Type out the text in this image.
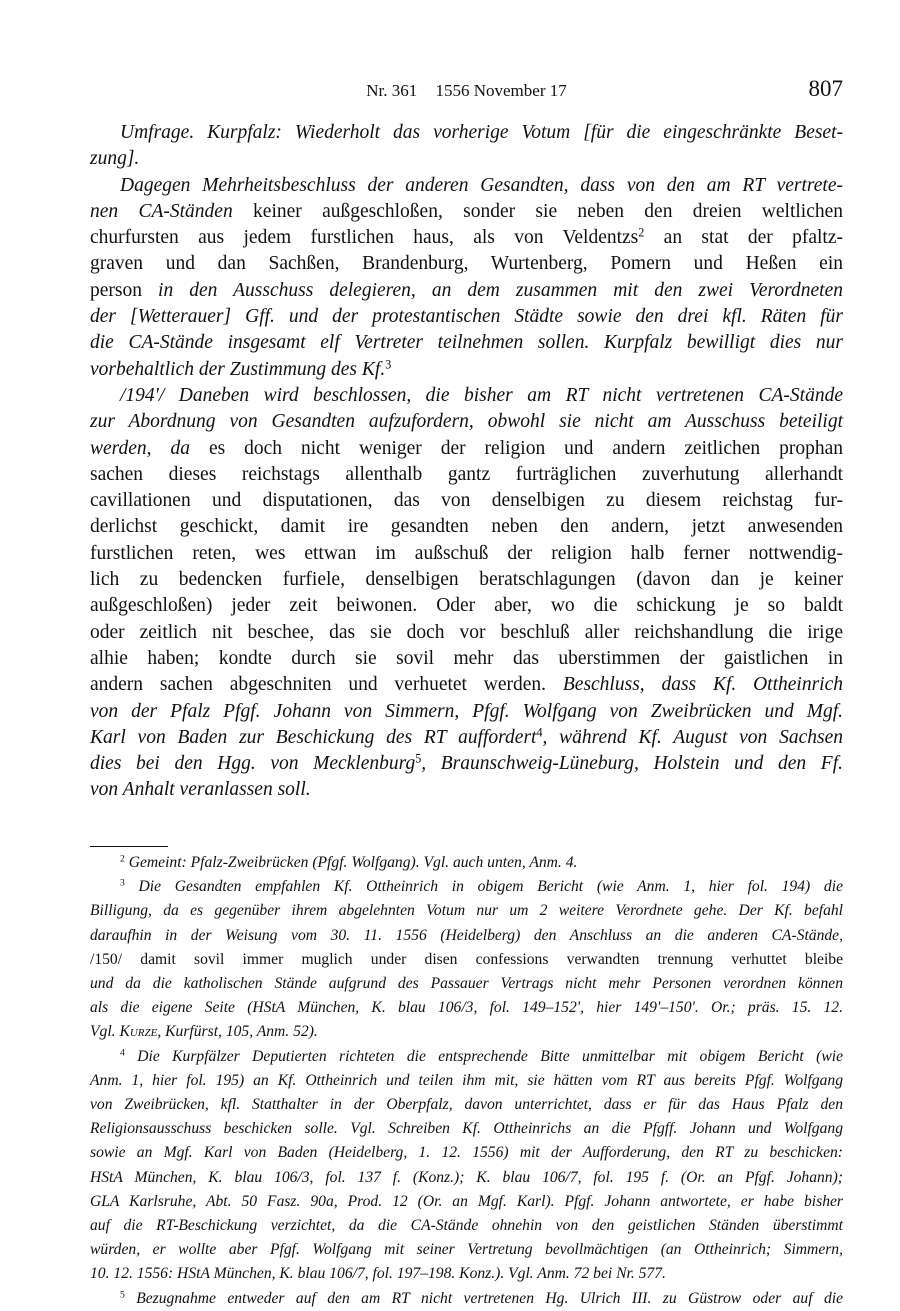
Nr. 361 1556 November 17	807
Umfrage. Kurpfalz: Wiederholt das vorherige Votum [für die eingeschränkte Beset-
zung].
Dagegen Mehrheitsbeschluss der anderen Gesandten, dass von den am RT vertrete-
nen CA-Ständen keiner außgeschloßen, sonder sie neben den dreien weltlichen
churfursten aus jedem furstlichen haus, als von Veldentzs$^2$ an stat der pfaltz-
graven und dan Sachßen, Brandenburg, Wurtenberg, Pomern und Heßen ein
person in den Ausschuss delegieren, an dem zusammen mit den zwei Verordneten
der [Wetterauer] Gff. und der protestantischen Städte sowie den drei kfl. Räten für
die CA-Stände insgesamt elf Vertreter teilnehmen sollen. Kurpfalz bewilligt dies nur
vorbehaltlich der Zustimmung des Kf.$^3$
/194'/ Daneben wird beschlossen, die bisher am RT nicht vertretenen CA-Stände
zur Abordnung von Gesandten aufzufordern, obwohl sie nicht am Ausschuss beteiligt
werden, da es doch nicht weniger der religion und andern zeitlichen prophan
sachen dieses reichstags allenthalb gantz furträglichen zuverhutung allerhandt
cavillationen und disputationen, das von denselbigen zu diesem reichstag fur-
derlichst geschickt, damit ire gesandten neben den andern, jetzt anwesenden
furstlichen reten, wes ettwan im außschuß der religion halb ferner nottwendig-
lich zu bedencken furfiele, denselbigen beratschlagungen (davon dan je keiner
außgeschloßen) jeder zeit beiwonen. Oder aber, wo die schickung je so baldt
oder zeitlich nit beschee, das sie doch vor beschluß aller reichshandlung die irige
alhie haben; kondte durch sie sovil mehr das uberstimmen der gaistlichen in
andern sachen abgeschniten und verhuetet werden. Beschluss, dass Kf. Ottheinrich
von der Pfalz Pfgf. Johann von Simmern, Pfgf. Wolfgang von Zweibrücken und Mgf.
Karl von Baden zur Beschickung des RT auffordert$^4$, während Kf. August von Sachsen
dies bei den Hgg. von Mecklenburg$^5$, Braunschweig-Lüneburg, Holstein und den Ff.
von Anhalt veranlassen soll.
$^2$ Gemeint: Pfalz-Zweibrücken (Pfgf. Wolfgang). Vgl. auch unten, Anm. 4.
$^3$ Die Gesandten empfahlen Kf. Ottheinrich in obigem Bericht (wie Anm. 1, hier fol. 194) die
Billigung, da es gegenüber ihrem abgelehnten Votum nur um 2 weitere Verordnete gehe. Der Kf. befahl
daraufhin in der Weisung vom 30. 11. 1556 (Heidelberg) den Anschluss an die anderen CA-Stände,
/150/ damit sovil immer muglich under disen confessions verwandten trennung verhuttet bleibe
und da die katholischen Stände aufgrund des Passauer Vertrags nicht mehr Personen verordnen können
als die eigene Seite (HStA München, K. blau 106/3, fol. 149–152', hier 149'–150'. Or.; präs. 15. 12.
Vgl. Kurze, Kurfürst, 105, Anm. 52).
$^4$ Die Kurpfälzer Deputierten richteten die entsprechende Bitte unmittelbar mit obigem Bericht (wie
Anm. 1, hier fol. 195) an Kf. Ottheinrich und teilen ihm mit, sie hätten vom RT aus bereits Pfgf. Wolfgang
von Zweibrücken, kfl. Statthalter in der Oberpfalz, davon unterrichtet, dass er für das Haus Pfalz den
Religionsausschuss beschicken solle. Vgl. Schreiben Kf. Ottheinrichs an die Pfgff. Johann und Wolfgang
sowie an Mgf. Karl von Baden (Heidelberg, 1. 12. 1556) mit der Aufforderung, den RT zu beschicken:
HStA München, K. blau 106/3, fol. 137 f. (Konz.); K. blau 106/7, fol. 195 f. (Or. an Pfgf. Johann);
GLA Karlsruhe, Abt. 50 Fasz. 90a, Prod. 12 (Or. an Mgf. Karl). Pfgf. Johann antwortete, er habe bisher
auf die RT-Beschickung verzichtet, da die CA-Stände ohnehin von den geistlichen Ständen überstimmt
würden, er wollte aber Pfgf. Wolfgang mit seiner Vertretung bevollmächtigen (an Ottheinrich; Simmern,
10. 12. 1556: HStA München, K. blau 106/7, fol. 197–198. Konz.). Vgl. Anm. 72 bei Nr. 577.
$^5$ Bezugnahme entweder auf den am RT nicht vertretenen Hg. Ulrich III. zu Güstrow oder auf die
